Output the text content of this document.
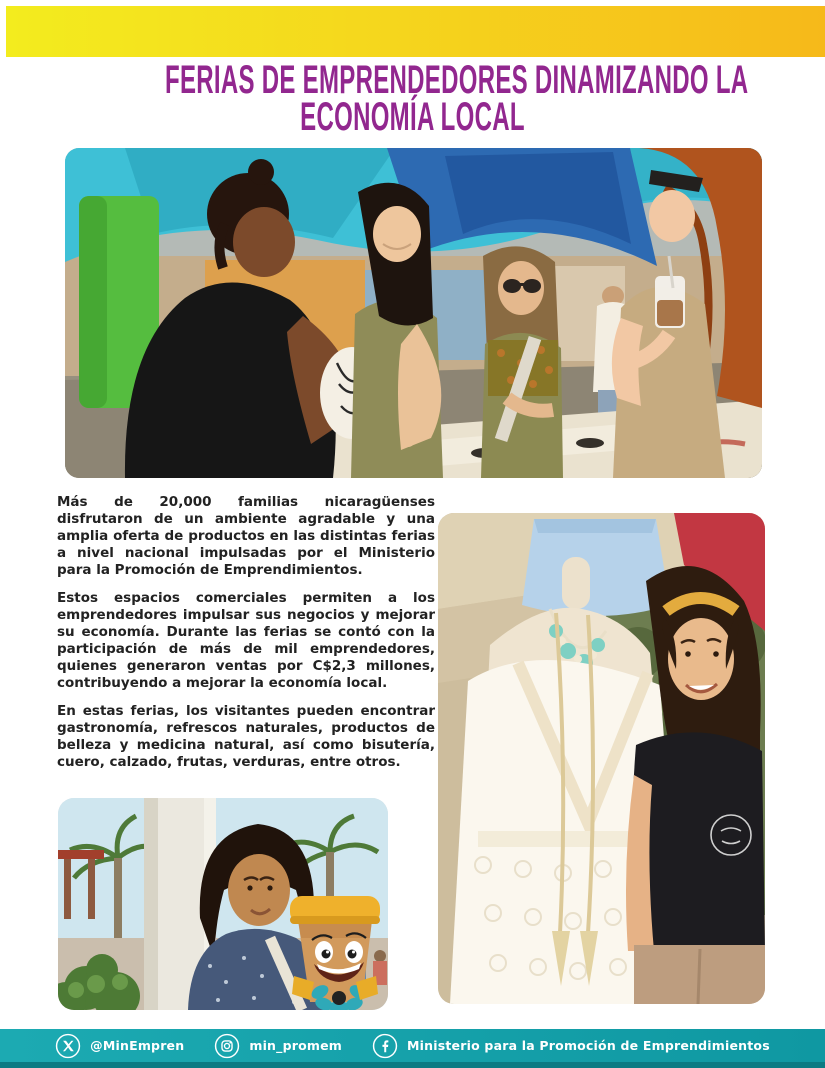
FERIAS DE EMPRENDEDORES DINAMIZANDO LA
ECONOMÍA LOCAL

Más de 20,000 familias nicaragüenses disfrutaron de un ambiente agradable y una amplia oferta de productos en las distintas ferias a nivel nacional impulsadas por el Ministerio para la Promoción de Emprendimientos.

Estos espacios comerciales permiten a los emprendedores impulsar sus negocios y mejorar su economía. Durante las ferias se contó con la participación de más de mil emprendedores, quienes generaron ventas por C$2,3 millones, contribuyendo a mejorar la economía local.

En estas ferias, los visitantes pueden encontrar gastronomía, refrescos naturales, productos de belleza y medicina natural, así como bisutería, cuero, calzado, frutas, verduras, entre otros.

@MinEmpren	min_promem	Ministerio para la Promoción de Emprendimientos
